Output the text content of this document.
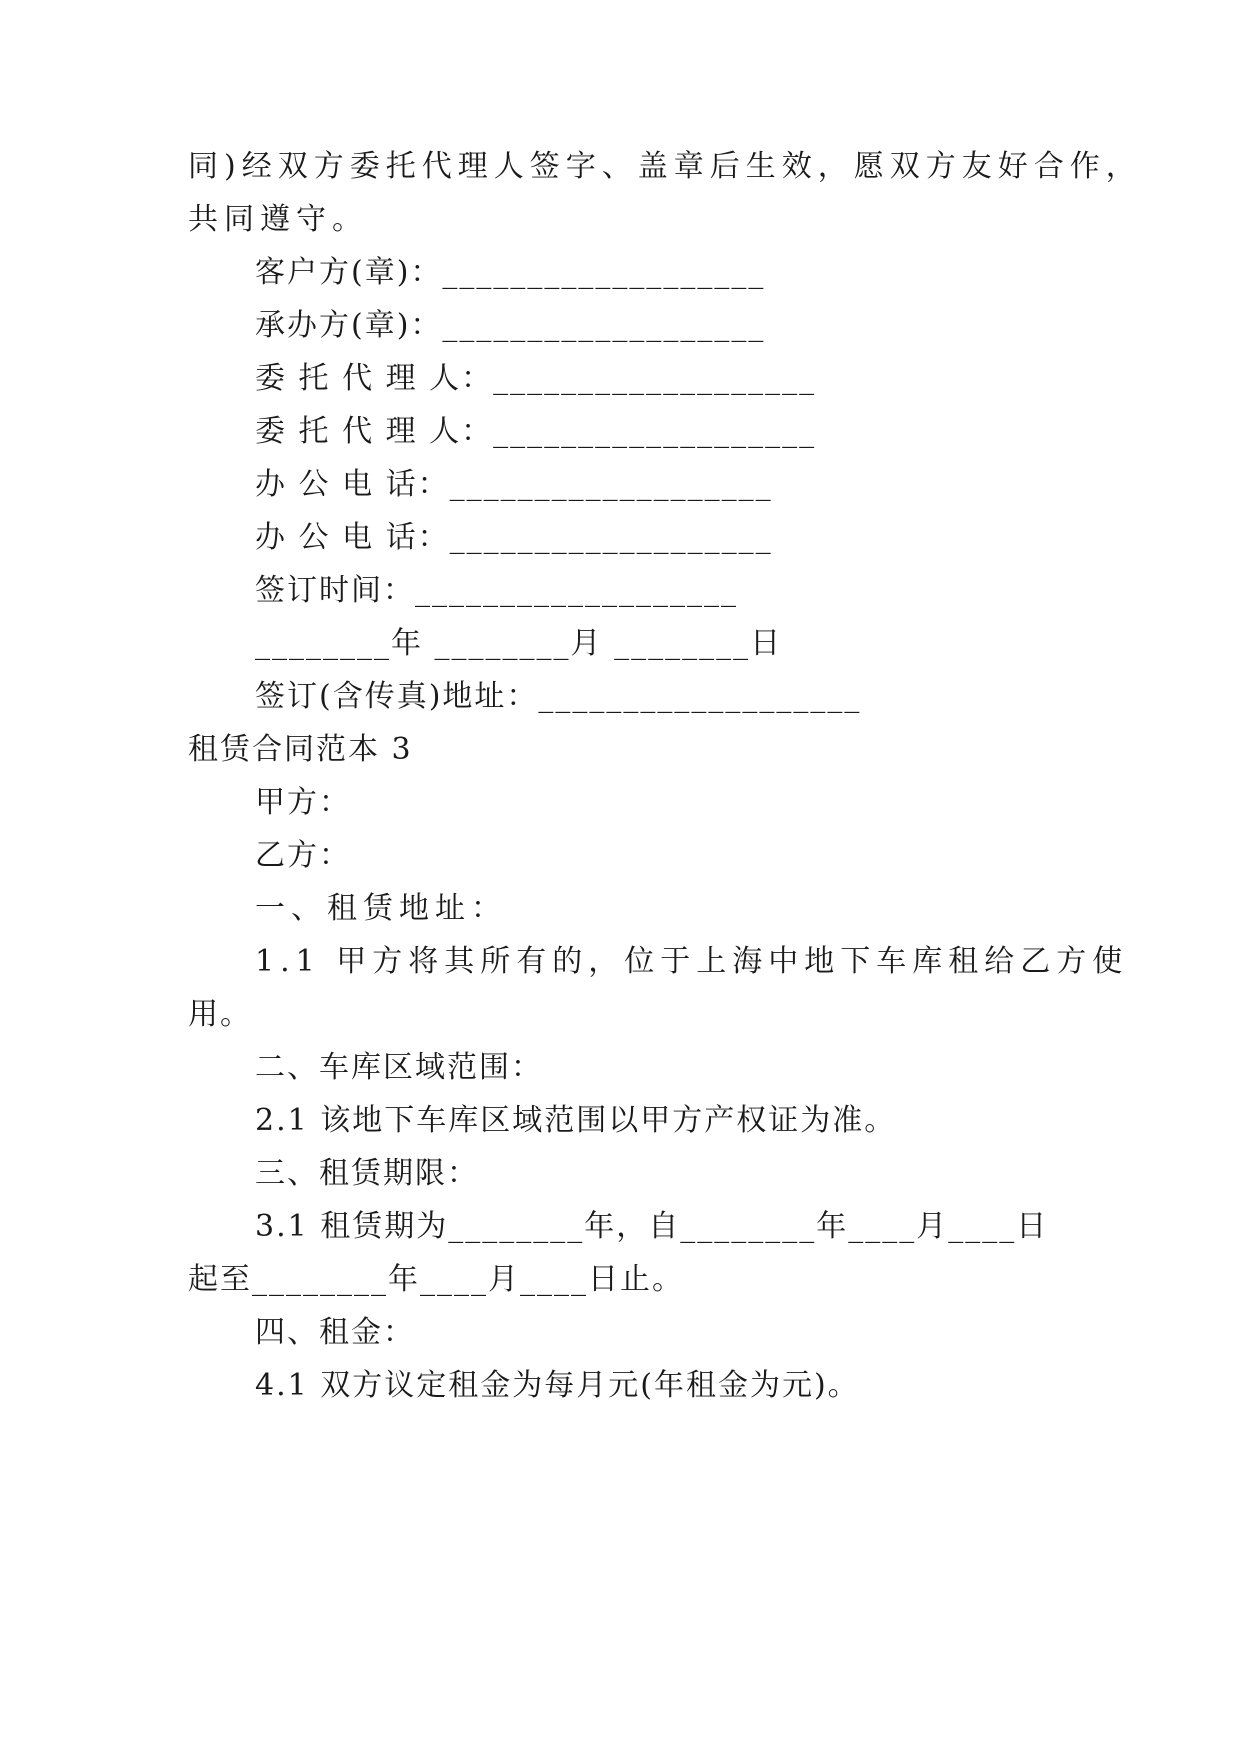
同)经双方委托代理人签字、盖章后生效，愿双方友好合作，
共同遵守。
客户方(章)：___________________
承办方(章)：___________________
委 托 代 理 人：___________________
委 托 代 理 人：___________________
办 公 电 话：___________________
办 公 电 话：___________________
签订时间：___________________
________年 ________月 ________日
签订(含传真)地址：___________________
租赁合同范本 3
甲方：
乙方：
一、租赁地址：
1.1 甲方将其所有的，位于上海中地下车库租给乙方使
用。
二、车库区域范围：
2.1 该地下车库区域范围以甲方产权证为准。
三、租赁期限：
3.1 租赁期为________年，自________年____月____日
起至________年____月____日止。
四、租金：
4.1 双方议定租金为每月元(年租金为元)。
